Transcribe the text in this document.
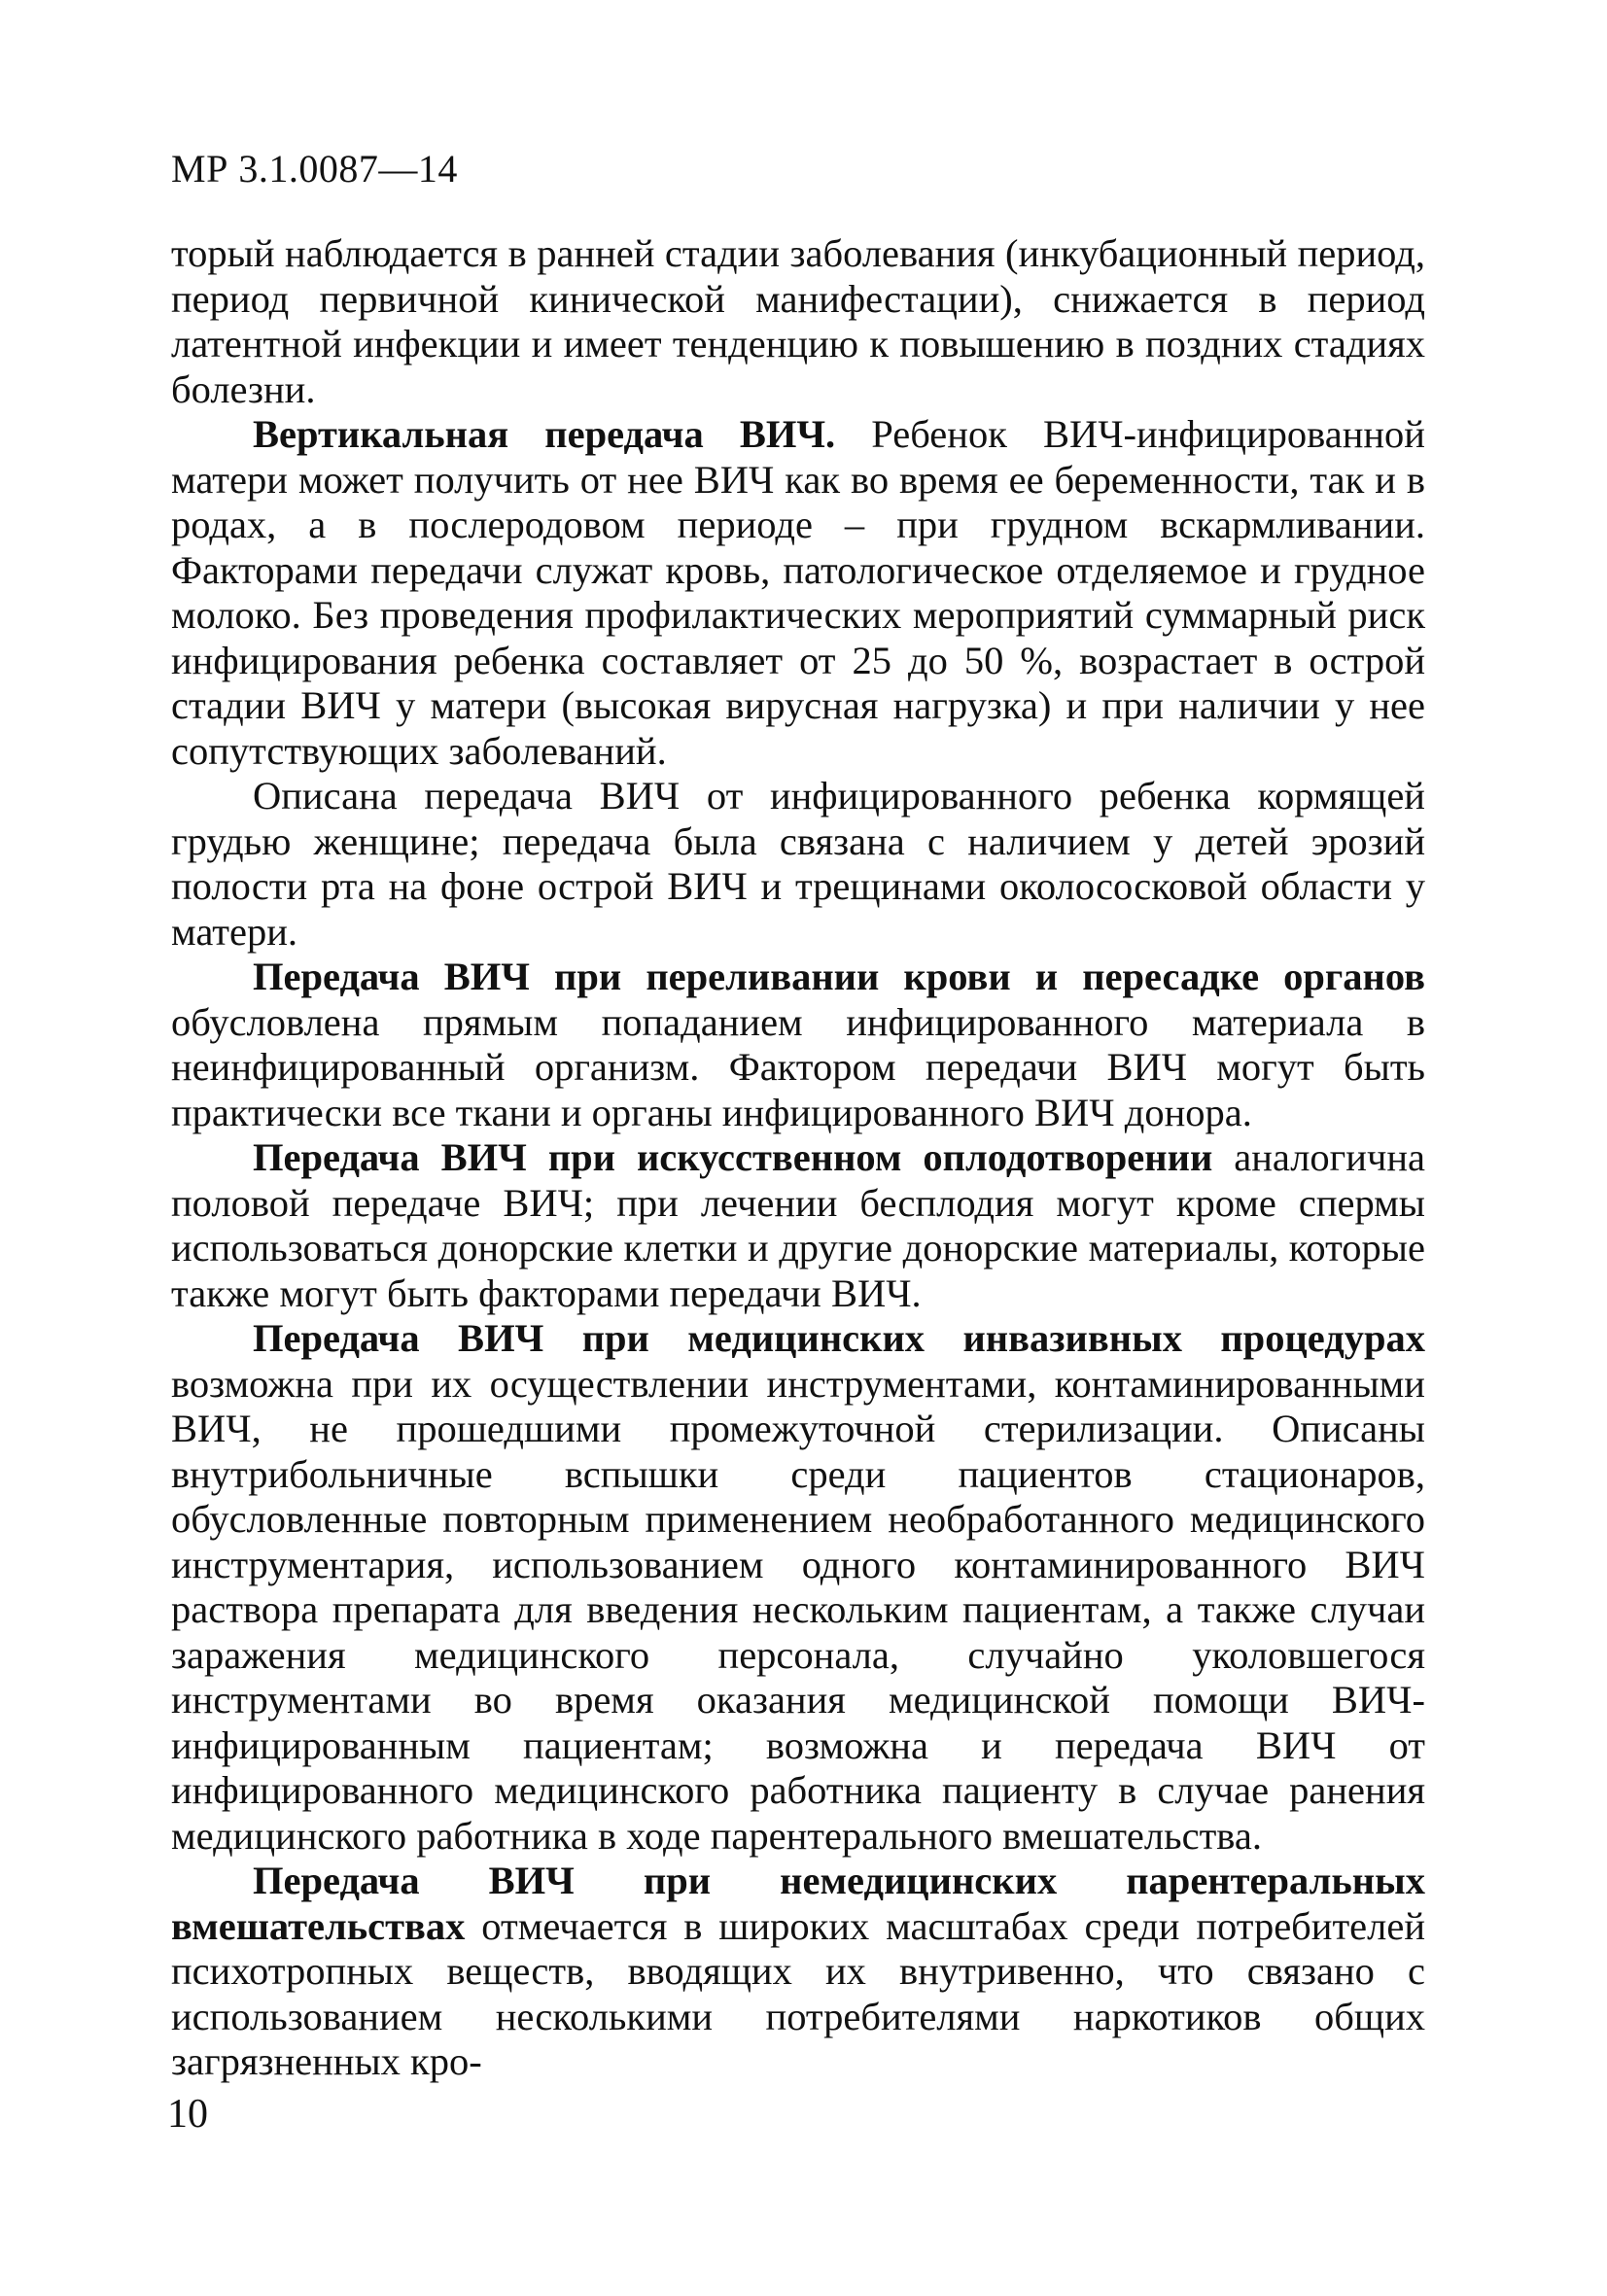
МР 3.1.0087—14

торый наблюдается в ранней стадии заболевания (инкубационный период, период первичной кинической манифестации), снижается в период латентной инфекции и имеет тенденцию к повышению в поздних стадиях болезни.

Вертикальная передача ВИЧ. Ребенок ВИЧ-инфицированной матери может получить от нее ВИЧ как во время ее беременности, так и в родах, а в послеродовом периоде – при грудном вскармливании. Факторами передачи служат кровь, патологическое отделяемое и грудное молоко. Без проведения профилактических мероприятий суммарный риск инфицирования ребенка составляет от 25 до 50 %, возрастает в острой стадии ВИЧ у матери (высокая вирусная нагрузка) и при наличии у нее сопутствующих заболеваний.

Описана передача ВИЧ от инфицированного ребенка кормящей грудью женщине; передача была связана с наличием у детей эрозий полости рта на фоне острой ВИЧ и трещинами околососковой области у матери.

Передача ВИЧ при переливании крови и пересадке органов обусловлена прямым попаданием инфицированного материала в неинфицированный организм. Фактором передачи ВИЧ могут быть практически все ткани и органы инфицированного ВИЧ донора.

Передача ВИЧ при искусственном оплодотворении аналогична половой передаче ВИЧ; при лечении бесплодия могут кроме спермы использоваться донорские клетки и другие донорские материалы, которые также могут быть факторами передачи ВИЧ.

Передача ВИЧ при медицинских инвазивных процедурах возможна при их осуществлении инструментами, контаминированными ВИЧ, не прошедшими промежуточной стерилизации. Описаны внутрибольничные вспышки среди пациентов стационаров, обусловленные повторным применением необработанного медицинского инструментария, использованием одного контаминированного ВИЧ раствора препарата для введения нескольким пациентам, а также случаи заражения медицинского персонала, случайно уколовшегося инструментами во время оказания медицинской помощи ВИЧ-инфицированным пациентам; возможна и передача ВИЧ от инфицированного медицинского работника пациенту в случае ранения медицинского работника в ходе парентерального вмешательства.

Передача ВИЧ при немедицинских парентеральных вмешательствах отмечается в широких масштабах среди потребителей психотропных веществ, вводящих их внутривенно, что связано с использованием несколькими потребителями наркотиков общих загрязненных кро-

10
